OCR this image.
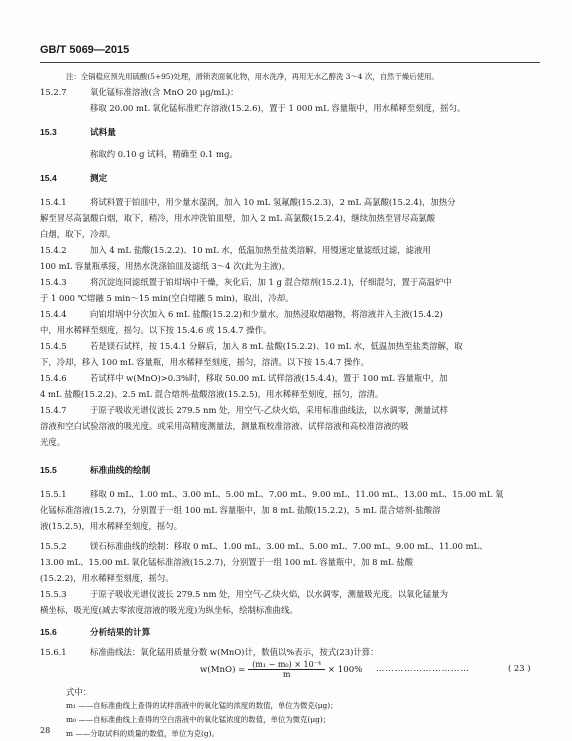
GB/T 5069—2015
注：全锅稳应预先用硫酸(5+95)处理，滑锁表面氧化物，用水洗净，再用无水乙醇洗 3～4 次，自然干燥后使用。
15.2.7	氧化锰标准溶液(含 MnO 20 μg/mL)：
移取 20.00 mL 氧化锰标准贮存溶液(15.2.6)，置于 1 000 mL 容量瓶中，用水稀释至刻度，摇匀。
15.3	试料量
称取约 0.10 g 试料，精确至 0.1 mg。
15.4	测定
15.4.1	将试料置于铂皿中，用少量水湿润，加入 10 mL 氢氟酸(15.2.3)，2 mL 高氯酸(15.2.4)，加热分
解至冒尽高氯酸白烟，取下，稍冷，用水冲洗铂皿壁，加入 2 mL 高氯酸(15.2.4)，继续加热至冒尽高氯酸
白烟，取下，冷却。
15.4.2	加入 4 mL 盐酸(15.2.2)、10 mL 水，低温加热至盐类溶解，用慢速定量滤纸过滤，滤液用
100 mL 容量瓶承接，用热水洗涤铂皿及滤纸 3～4 次(此为主液)。
15.4.3	将沉淀连同滤纸置于铂坩埚中干燥，灰化后，加 1 g 混合熔剂(15.2.1)，仔细混匀，置于高温炉中
于 1 000 ℃熔融 5 min～15 min(空白熔融 5 min)，取出，冷却。
15.4.4	向铂坩埚中分次加入 6 mL 盐酸(15.2.2)和少量水，加热浸取熔融物，将溶液并入主液(15.4.2)
中，用水稀释至刻度，摇匀。以下按 15.4.6 或 15.4.7 操作。
15.4.5	若是镁石试样，按 15.4.1 分解后，加入 8 mL 盐酸(15.2.2)、10 mL 水，低温加热至盐类溶解，取
下，冷却，移入 100 mL 容量瓶，用水稀释至刻度，摇匀，溶清。以下按 15.4.7 操作。
15.4.6	若试样中 w(MnO)>0.3%时，移取 50.00 mL 试样溶液(15.4.4)，置于 100 mL 容量瓶中，加
4 mL 盐酸(15.2.2)、2.5 mL 混合熔剂-盐酸溶液(15.2.5)，用水稀释至刻度，摇匀，溶清。
15.4.7	于原子吸收光谱仪波长 279.5 nm 处，用空气-乙炔火焰，采用标准曲线法，以水调零，测量试样
溶液和空白试验溶液的吸光度。或采用高精度测量法，测量瓶校准溶液、试样溶液和高校准溶液的吸
光度。
15.5	标准曲线的绘制
15.5.1	移取 0 mL、1.00 mL、3.00 mL、5.00 mL、7.00 mL、9.00 mL、11.00 mL、13.00 mL、15.00 mL 氧
化锰标准溶液(15.2.7)，分别置于一组 100 mL 容量瓶中，加 8 mL 盐酸(15.2.2)，5 mL 混合熔剂-盐酸溶
液(15.2.5)，用水稀释至刻度，摇匀。
15.5.2	镁石标准曲线的绘制：移取 0 mL、1.00 mL、3.00 mL、5.00 mL、7.00 mL、9.00 mL、11.00 mL、
13.00 mL、15.00 mL 氧化锰标准溶液(15.2.7)，分别置于一组 100 mL 容量瓶中，加 8 mL 盐酸
(15.2.2)，用水稀释至刻度，摇匀。
15.5.3	于原子吸收光谱仪波长 279.5 nm 处，用空气-乙炔火焰，以水调零，测量吸光度。以氧化锰量为
横坐标，吸光度(减去零浓度溶液的吸光度)为纵坐标，绘制标准曲线。
15.6	分析结果的计算
15.6.1	标准曲线法：氧化锰用质量分数 w(MnO)计，数值以%表示，按式(23)计算：
$w(MnO) = \frac{\text{(m₁ − m₀) × 10⁻⁴}}{m} \times 100\%$ …………………………	( 23 )
式中：
m₁ ——自标准曲线上查得的试样溶液中的氧化锰的浓度的数值，单位为微克(μg)；
m₀ ——自标准曲线上查得的空白溶液中的氧化锰浓度的数值，单位为微克(μg)；
m ——分取试料的质量的数值，单位为克(g)。
28
